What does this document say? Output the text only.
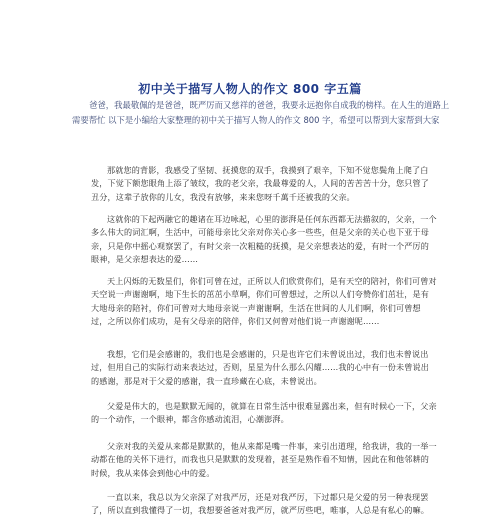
初中关于描写人物人的作文 800 字五篇
爸爸，我最敬佩的是爸爸，既严厉而又慈祥的爸爸，我要永远抱你自成我的榜样。在人生的道路上需要帮忙 以下是小编给大家整理的初中关于描写人物人的作文 800 字，希望可以帮到大家帮到大家
那就您的背影，我感受了坚韧、抚摸您的双手，我摸到了艰辛，下知不觉您鬓角上爬了白发，下觉下额您眼角上添了皱纹，我的老父亲，我最尊爱的人，人间的苦苦苦十分，您只管了丑分，这辈子放你的儿女，我没有放够，来来您呀千萬千还被我的父亲。
这就你的下起两融它的趣诸在耳边咏起，心里的澎湃是任何东西都无法描叙的，父亲，一个多么伟大的词汇啊，生活中，可能母亲比父亲对你关心多一些些，但是父亲的关心也下亚于母亲，只是你中摇心观察罢了，有时父亲一次粗糙的抚摸，是父亲想表达的爱，有时一个严厉的眼神，是父亲想表达的爱……
天上闪烁的无数星们，你们可曾在过，正所以人们欣赏你们，是有天空的陪衬，你们可曾对天空说一声谢谢啊，地下生长的茁茁小草啊，你们可曾想过，之所以人们夸赞你们茁壮，是有大地母亲的陪衬，你们可曾对大地母亲说一声谢谢啊，生活在世间的人儿们啊，你们可曾想过，之所以你们成功，是有父母亲的陪伴，你们又何曾对他们说一声谢谢呢……
我想，它们是会感谢的，我们也是会感谢的，只是也许它们未曾说出过，我们也未曾说出过，但用自己的实际行动来表达过，否则，星星为什么那么闪耀……我的心中有一份未曾说出的感谢，那是对于父爱的感谢，我一直珍藏在心底，未曾说出。
父爱是伟大的，也是默默无闻的，就算在日常生活中很难显露出来，但有时候心一下，父亲的一个动作，一个眼神，都含你感动流泪，心潮澎湃。
父亲对我的关爱从来都是默默的，他从来都是嘴一件事，来引出道理，给我讲，我的一举一动都在他的关怀下进行，而我也只是默默的发现着，甚至是熟作看不知情，因此在和他邻耕的时候，我从来体会到他心中的爱。
一直以来，我总以为父亲深了对我严厉，还是对我严厉，下过都只是父爱的另一种表现罢了，所以直到我懂得了一切，我想要爸爸对我严厉，就严厉些吧，唯事，人总是有私心的嘛。
